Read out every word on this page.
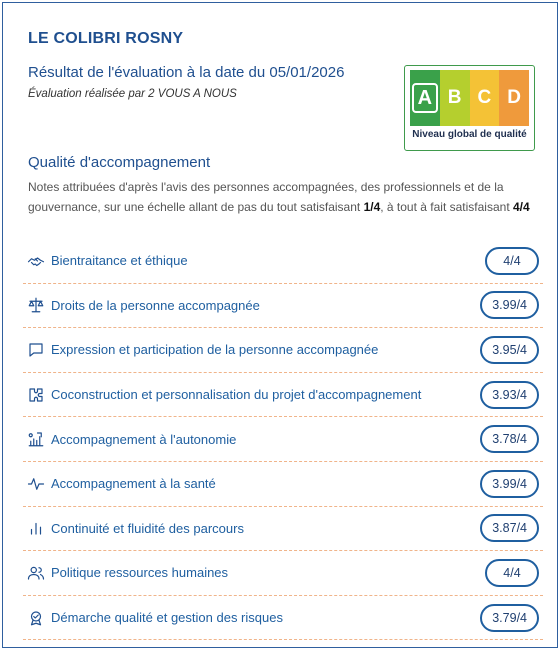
LE COLIBRI ROSNY
Résultat de l'évaluation à la date du 05/01/2026
Évaluation réalisée par 2 VOUS A NOUS	A B C D
Niveau global de qualité
Qualité d'accompagnement
Notes attribuées d'après l'avis des personnes accompagnées, des professionnels et de la gouvernance, sur une échelle allant de pas du tout satisfaisant 1/4, à tout à fait satisfaisant 4/4
Bientraitance et éthique	4/4
Droits de la personne accompagnée	3.99/4
Expression et participation de la personne accompagnée	3.95/4
Coconstruction et personnalisation du projet d'accompagnement	3.93/4
Accompagnement à l'autonomie	3.78/4
Accompagnement à la santé	3.99/4
Continuité et fluidité des parcours	3.87/4
Politique ressources humaines	4/4
Démarche qualité et gestion des risques	3.79/4
